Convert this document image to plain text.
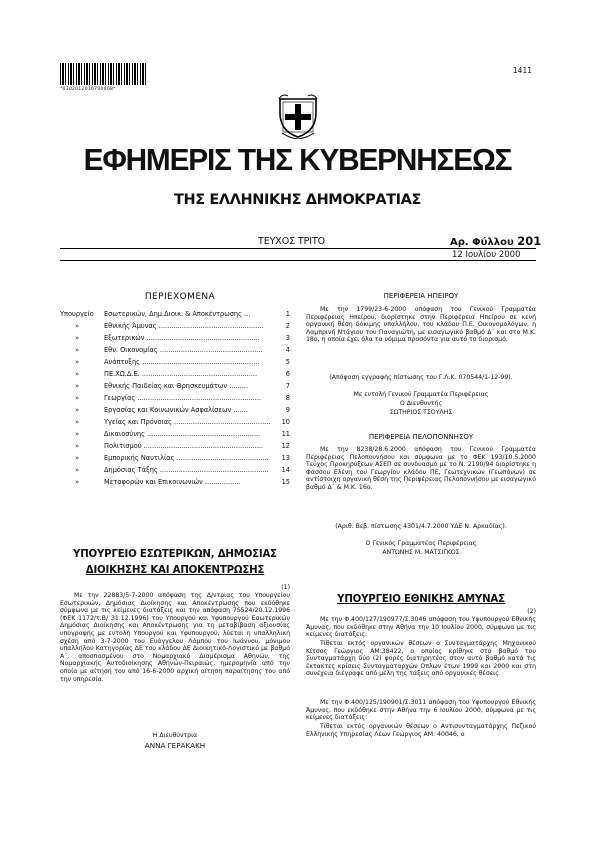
*0302012010700008*
1411
ΕΦΗΜΕΡΙΣ ΤΗΣ ΚΥΒΕΡΝΗΣΕΩΣ
ΤΗΣ ΕΛΛΗΝΙΚΗΣ ΔΗΜΟΚΡΑΤΙΑΣ
ΤΕΥΧΟΣ ΤΡΙΤΟ	Αρ. Φύλλου 201
12 Ιουλίου 2000
ΠΕΡΙΕΧΟΜΕΝΑ
Υπουργείο	Εσωτερικών, Δημ.Διοικ. & Αποκέντρωσης ...	1
»	Εθνικής Άμυνας ..................................................	2
»	Εξωτερικών ......................................................	3
»	Εθν. Οικονομίας .................................................	4
»	Ανάπτυξης ........................................................	5
»	ΠΕ.ΧΩ.Δ.Ε. .......................................................	6
»	Εθνικής Παιδείας και Θρησκευμάτων .........	7
»	Γεωργίας ...........................................................	8
»	Εργασίας και Κοινωνικών Ασφαλίσεων .......	9
»	Υγείας και Πρόνοιας ..............................................	10
»	Δικαιοσύνης ......................................................	11
»	Πολιτισμού .........................................................	12
»	Εμπορικής Ναυτιλίας ............................................	13
»	Δημόσιας Τάξης ....................................................	14
»	Μεταφορών και Επικοινωνιών .................	15
ΠΕΡΙΦΕΡΕΙΑ ΗΠΕΙΡΟΥ
Με την 1799/23-6-2000 απόφαση του Γενικού Γραμματέα Περιφέρειας Ηπείρου, διορίστηκε στην Περιφέρεια Ηπείρου σε κενή οργανική θέση δόκιμης υπαλλήλου, του κλάδου Π.Ε. Οικονομολόγων, η Λαμπρινή Ντάγιου του Παναγιώτη, με εισαγωγικό βαθμό Δ΄ και στο Μ.Κ. 18ο, η οποία έχει όλα τα νόμιμα προσόντα για αυτό το διορισμό.
(Απόφαση εγγραφής πίστωσης του Γ.Λ.Κ. 070544/1-12-99).
Με εντολή Γενικού Γραμματέα Περιφέρειας
Ο Διευθυντής
ΣΩΤΗΡΙΟΣ ΤΣΟΥΛΗΣ
ΠΕΡΙΦΕΡΕΙΑ ΠΕΛΟΠΟΝΝΗΣΟΥ
Με την 8238/28.6.2000 απόφαση του Γενικού Γραμματέα Περιφέρειας Πελοποννήσου και σύμφωνα με το ΦΕΚ 193/10.5.2000 Τεύχος Προκηρύξεων ΑΣΕΠ σε συνδυασμό με το Ν. 2190/94 διορίστηκε η Φάσσου Ελένη του Γεωργίου κλάδου ΠΕ, Γεωτεχνικών (Γεωπόνων) σε αντίστοιχη οργανική θέση της Περιφέρειας Πελοποννήσου με εισαγωγικό βαθμό Δ΄ & Μ.Κ. 16ο.
(Αριθ. Βεβ. πίστωσης 4301/4.7.2000 ΥΔΕ Ν. Αρκαδίας).
Ο Γενικός Γραμματέας Περιφέρειας
ΑΝΤΩΝΗΣ Μ. ΜΑΤΣΙΓΚΟΣ
ΥΠΟΥΡΓΕΙΟ ΕΣΩΤΕΡΙΚΩΝ, ΔΗΜΟΣΙΑΣ
ΔΙΟΙΚΗΣΗΣ ΚΑΙ ΑΠΟΚΕΝΤΡΩΣΗΣ
(1)
Με την 22883/5-7-2000 απόφαση της Δ/ντριας του Υπουργείου Εσωτερικών, Δημόσιας Διοίκησης και Αποκέντρωσης που εκδόθηκε σύμφωνα με τις κείμενες διατάξεις και την απόφαση 7S524/20.12.1996 (ΦΕΚ 1172/τ.Β/ 31.12.1996) του Υπουργού και Υφυπουργού Εσωτερικών Δημόσιας Διοίκησης και Αποκέντρωσης για τη μεταβίβαση αξιουσίας υπογραφής με εντολή Υπουργού και Υφυπουργού, λύεται η υπαλληλική σχέση από 3-7-2000 του Ευάγγελου Λάμπου του Ιωάννου, μόνιμου υπαλλήλου Κατηγορίας ΔΕ του κλάδου ΔΕ Διοικητικό-Λογιστικό με βαθμό Α΄, αποσπασμένου στο Νομαρχιακό Διαμέρισμα Αθηνών, της Νομαρχιακής Αυτοδιοίκησης Αθηνών-Πειραιώς, ημερομηνία από την οποία με αίτησή του από 16-6-2000 αρχική αίτηση παραίτησης του από την υπηρεσία.
Η Διευθύντρια
ΑΝΝΑ ΓΕΡΑΚΑΚΗ
ΥΠΟΥΡΓΕΙΟ ΕΘΝΙΚΗΣ ΑΜΥΝΑΣ
(2)
Με την Φ.400/127/190977/Σ.3046 απόφαση του Υφυπουργού Εθνικής Άμυνας, που εκδόθηκε στην Αθήνα την 10 Ιουλίου 2000, σύμφωνα με τις κείμενες διατάξεις:
Τίθεται εκτός οργανικών θέσεων ο Συνταγματάρχης Μηχανικού Κίτσος Γεώργιος ΑΜ:38422, ο οποίος κρίθηκε στο βαθμό του Συνταγματάρχη δύο (2) φορές διατηρητέος στον αυτό βαθμό κατά τις έκτακτες κρίσεις Συνταγματαρχών Οπλων έτων 1999 και 2000 και στη συνέχεια διέγραφε από μέλη της τάξεις από οργανικές θέσεις.
Με την Φ.400/125/190901/Σ.3011 απόφαση του Υφυπουργού Εθνικής Άμυνας, που εκδόθηκε στην Αθήνα την 6 Ιουλίου 2000, σύμφωνα με τις κείμενες διατάξεις:
Τίθεται εκτός οργανικών θέσεων ο Αντισυνταγματάρχης Πεζικού Ελληνικής Υπηρεσίας Λέων Γεώργιος ΑΜ: 40046, ο
